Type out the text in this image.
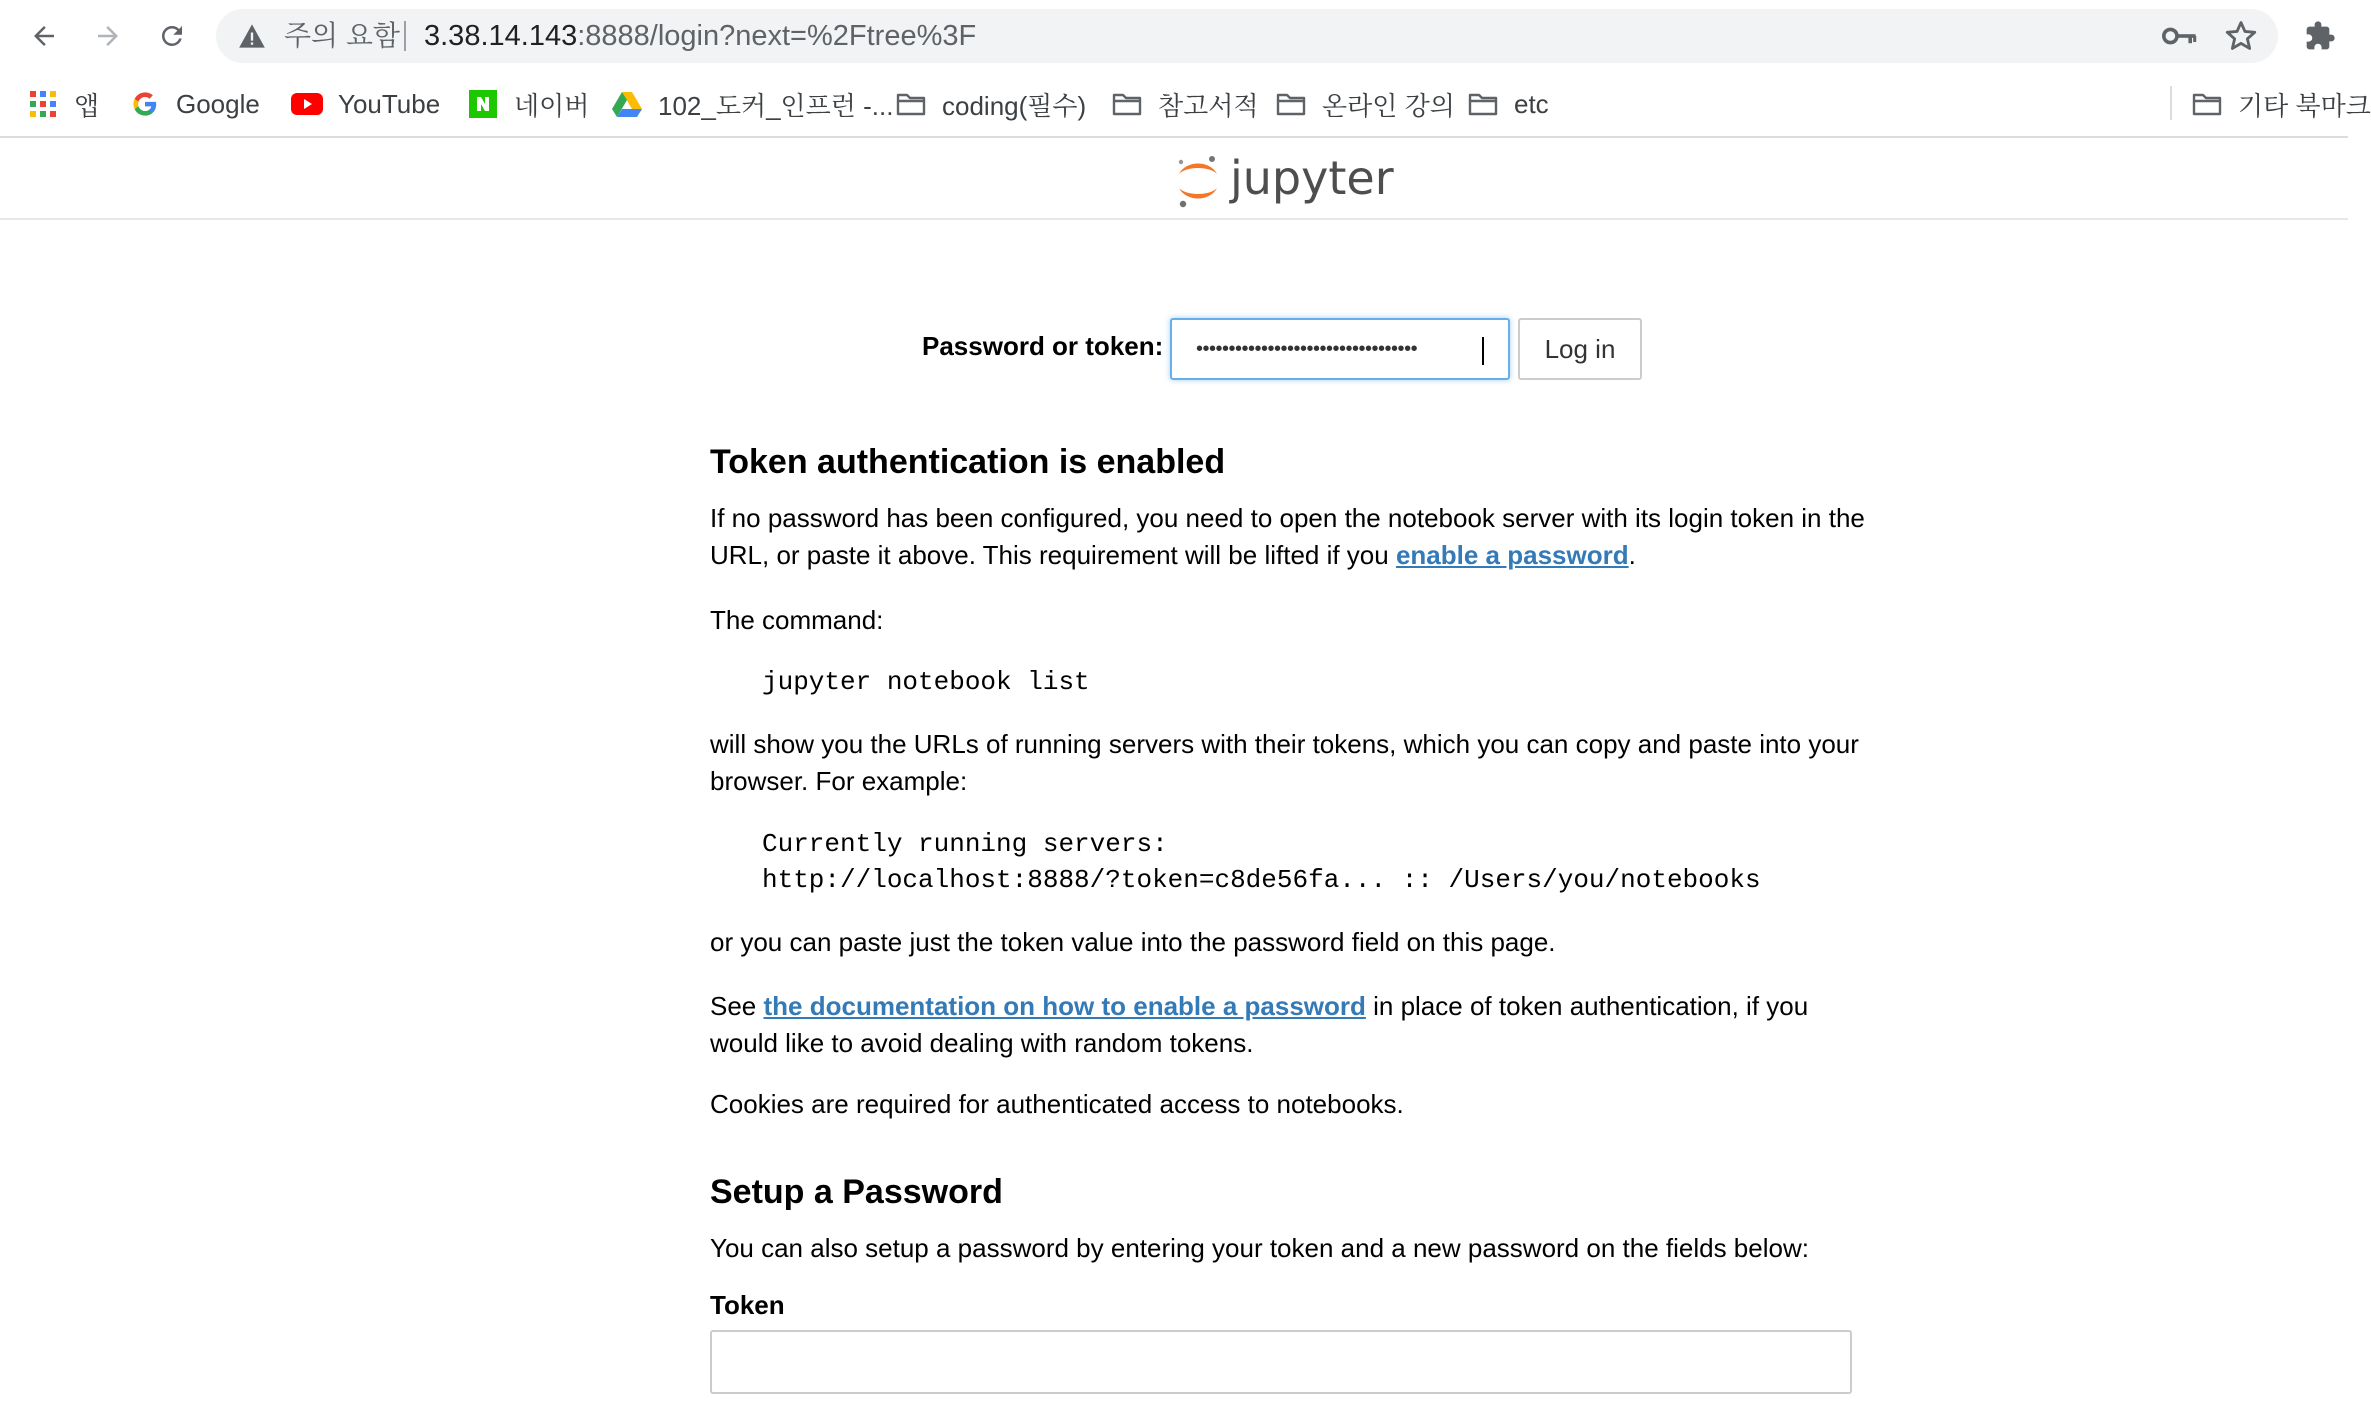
주의 요함 3.38.14.143:8888/login?next=%2Ftree%3F
앱	Google	YouTube	네이버	102_도커_인프런 -... coding(필수)	참고서적 온라인 강의 etc	기타 북마크
jupyter
Password or token: ••••••••••••••••••••••••••••••••••	Log in
Token authentication is enabled

If no password has been configured, you need to open the notebook server with its login token in the URL, or paste it above. This requirement will be lifted if you enable a password.

The command:

jupyter notebook list

will show you the URLs of running servers with their tokens, which you can copy and paste into your browser. For example:

Currently running servers:
http://localhost:8888/?token=c8de56fa... :: /Users/you/notebooks

or you can paste just the token value into the password field on this page.

See the documentation on how to enable a password in place of token authentication, if you would like to avoid dealing with random tokens.

Cookies are required for authenticated access to notebooks.

Setup a Password

You can also setup a password by entering your token and a new password on the fields below:

Token
